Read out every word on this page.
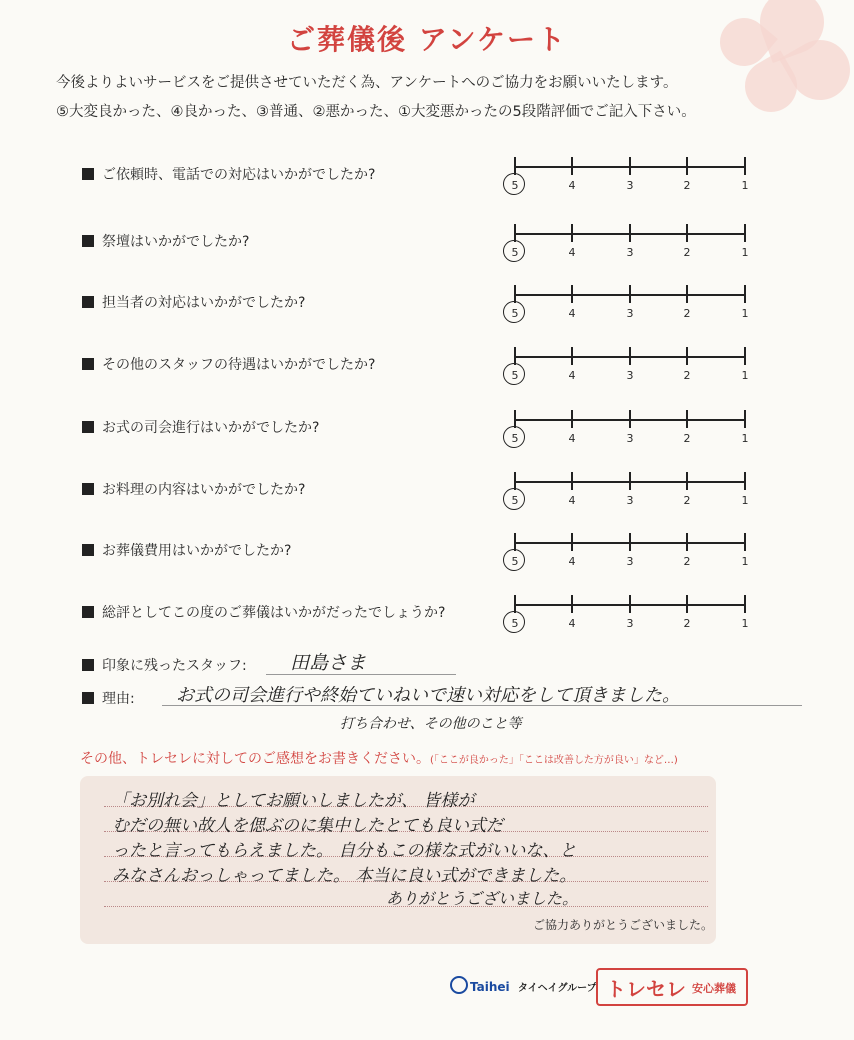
ご葬儀後 アンケート
今後よりよいサービスをご提供させていただく為、アンケートへのご協力をお願いいたします。
⑤大変良かった、④良かった、③普通、②悪かった、①大変悪かったの5段階評価でご記入下さい。
ご依頼時、電話での対応はいかがでしたか?
5	4	3	2	1
祭壇はいかがでしたか?
5	4	3	2	1
担当者の対応はいかがでしたか?
5	4	3	2	1
その他のスタッフの待遇はいかがでしたか?
5	4	3	2	1
お式の司会進行はいかがでしたか?
5	4	3	2	1
お料理の内容はいかがでしたか?
5	4	3	2	1
お葬儀費用はいかがでしたか?
5	4	3	2	1
総評としてこの度のご葬儀はいかがだったでしょうか?
5	4	3	2	1
印象に残ったスタッフ: 田島さま
理由: お式の司会進行や終始ていねいで速い対応をして頂きました。
打ち合わせ、その他のこと等
その他、トレセレに対してのご感想をお書きください。(「ここが良かった」「ここは改善した方が良い」など…)
「お別れ会」としてお願いしましたが、 皆様が
むだの無い故人を偲ぶのに集中したとても良い式だ
ったと言ってもらえました。 自分もこの様な式がいいな、と
みなさんおっしゃってました。 本当に良い式ができました。
ありがとうございました。
ご協力ありがとうございました。
Taihei タイヘイグループ トレセレ 安心葬儀
